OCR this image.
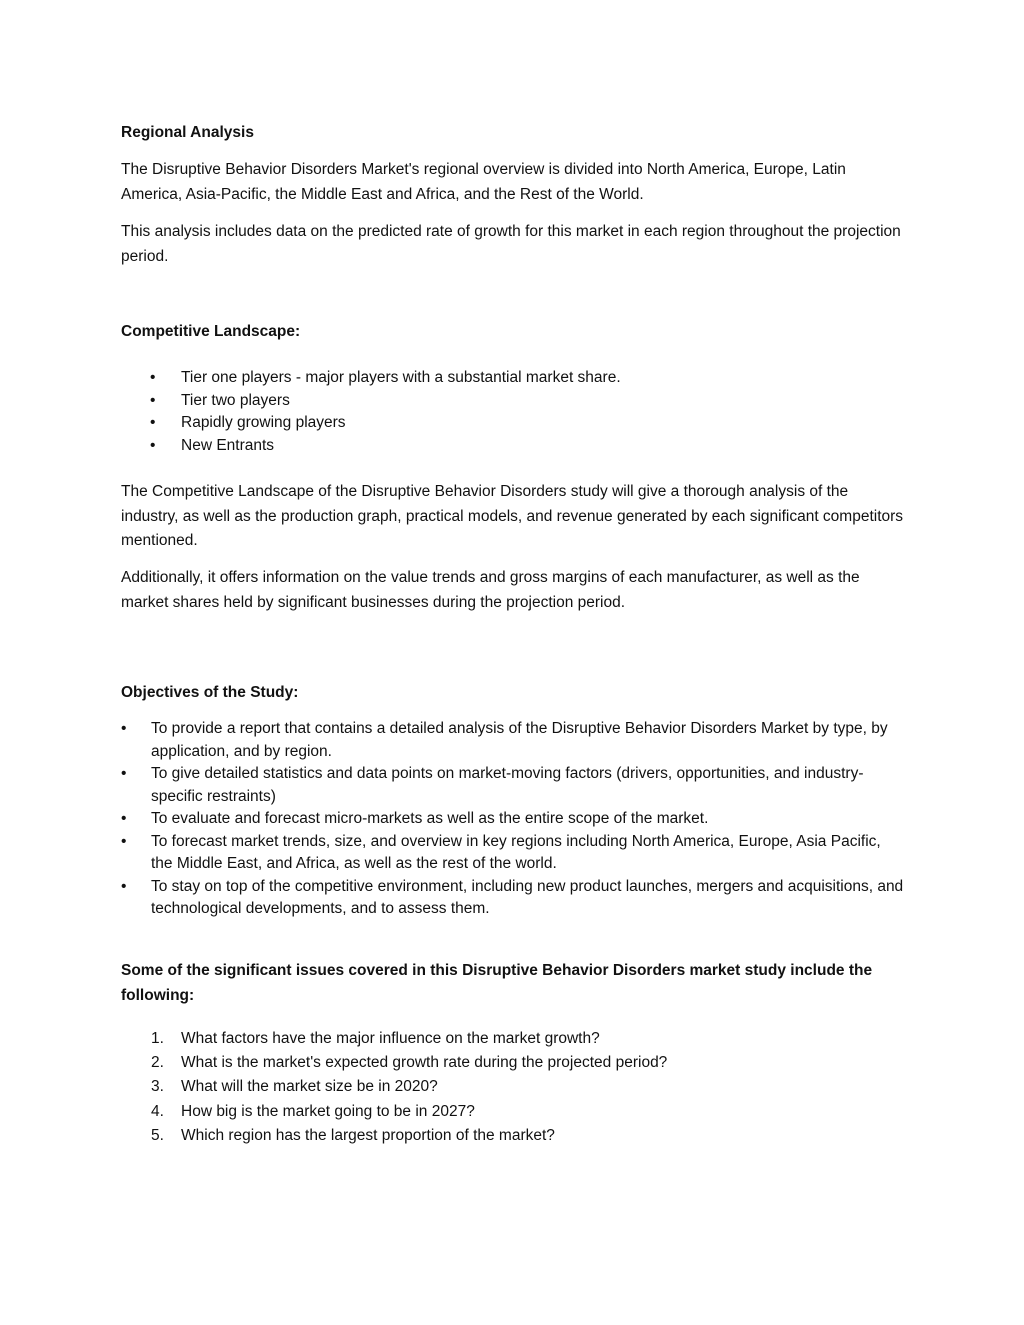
Regional Analysis
The Disruptive Behavior Disorders Market's regional overview is divided into North America, Europe, Latin America, Asia-Pacific, the Middle East and Africa, and the Rest of the World.
This analysis includes data on the predicted rate of growth for this market in each region throughout the projection period.
Competitive Landscape:
• Tier one players - major players with a substantial market share.
• Tier two players
• Rapidly growing players
• New Entrants
The Competitive Landscape of the Disruptive Behavior Disorders study will give a thorough analysis of the industry, as well as the production graph, practical models, and revenue generated by each significant competitors mentioned.
Additionally, it offers information on the value trends and gross margins of each manufacturer, as well as the market shares held by significant businesses during the projection period.
Objectives of the Study:
• To provide a report that contains a detailed analysis of the Disruptive Behavior Disorders Market by type, by application, and by region.
• To give detailed statistics and data points on market-moving factors (drivers, opportunities, and industry-specific restraints)
• To evaluate and forecast micro-markets as well as the entire scope of the market.
• To forecast market trends, size, and overview in key regions including North America, Europe, Asia Pacific, the Middle East, and Africa, as well as the rest of the world.
• To stay on top of the competitive environment, including new product launches, mergers and acquisitions, and technological developments, and to assess them.
Some of the significant issues covered in this Disruptive Behavior Disorders market study include the following:
1. What factors have the major influence on the market growth?
2. What is the market's expected growth rate during the projected period?
3. What will the market size be in 2020?
4. How big is the market going to be in 2027?
5. Which region has the largest proportion of the market?
